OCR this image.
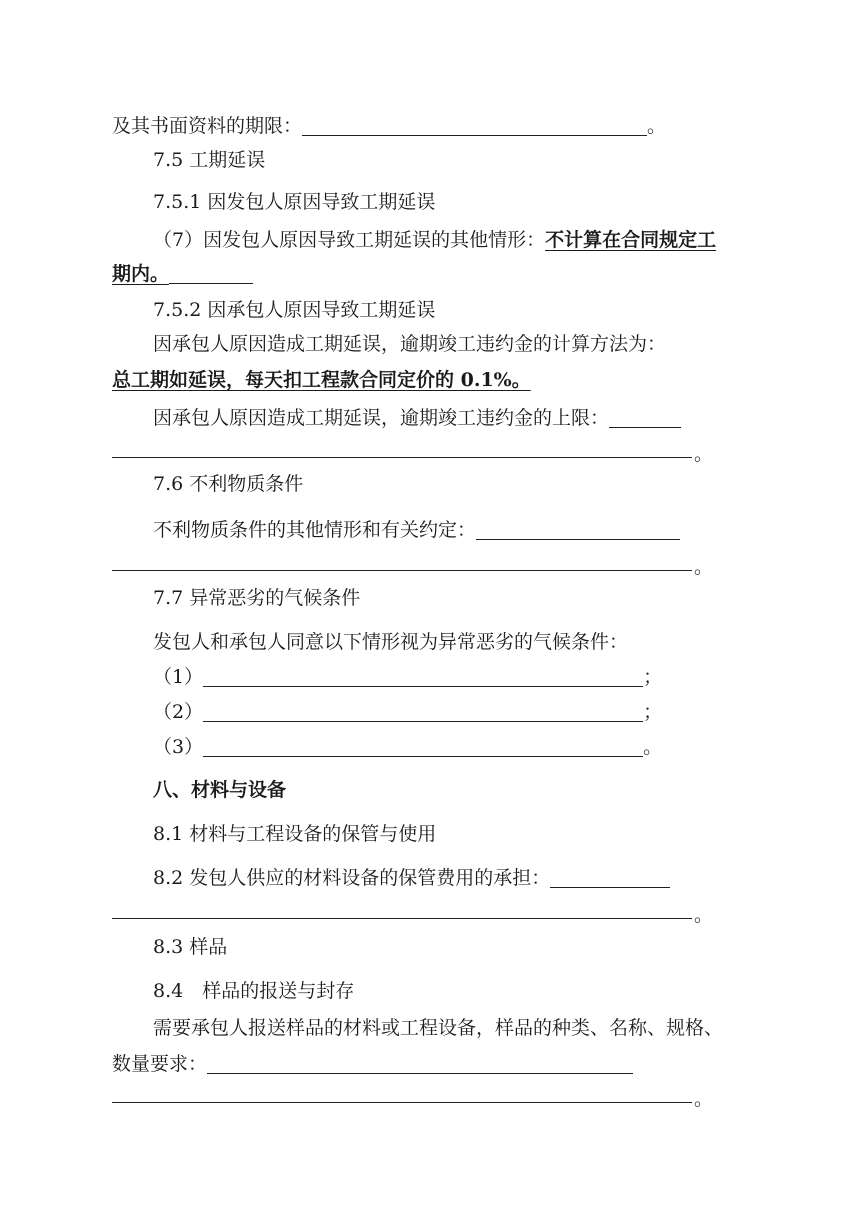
及其书面资料的期限：	。
7.5 工期延误
7.5.1 因发包人原因导致工期延误
（7）因发包人原因导致工期延误的其他情形：不计算在合同规定工
期内。
7.5.2 因承包人原因导致工期延误
因承包人原因造成工期延误，逾期竣工违约金的计算方法为：
总工期如延误，每天扣工程款合同定价的 0.1%。
因承包人原因造成工期延误，逾期竣工违约金的上限：
。
7.6 不利物质条件
不利物质条件的其他情形和有关约定：
。
7.7 异常恶劣的气候条件
发包人和承包人同意以下情形视为异常恶劣的气候条件：
（1）	；
（2）	；
（3）	。
八、材料与设备
8.1 材料与工程设备的保管与使用
8.2 发包人供应的材料设备的保管费用的承担：
。
8.3 样品
8.4　样品的报送与封存
需要承包人报送样品的材料或工程设备，样品的种类、名称、规格、
数量要求：
。
